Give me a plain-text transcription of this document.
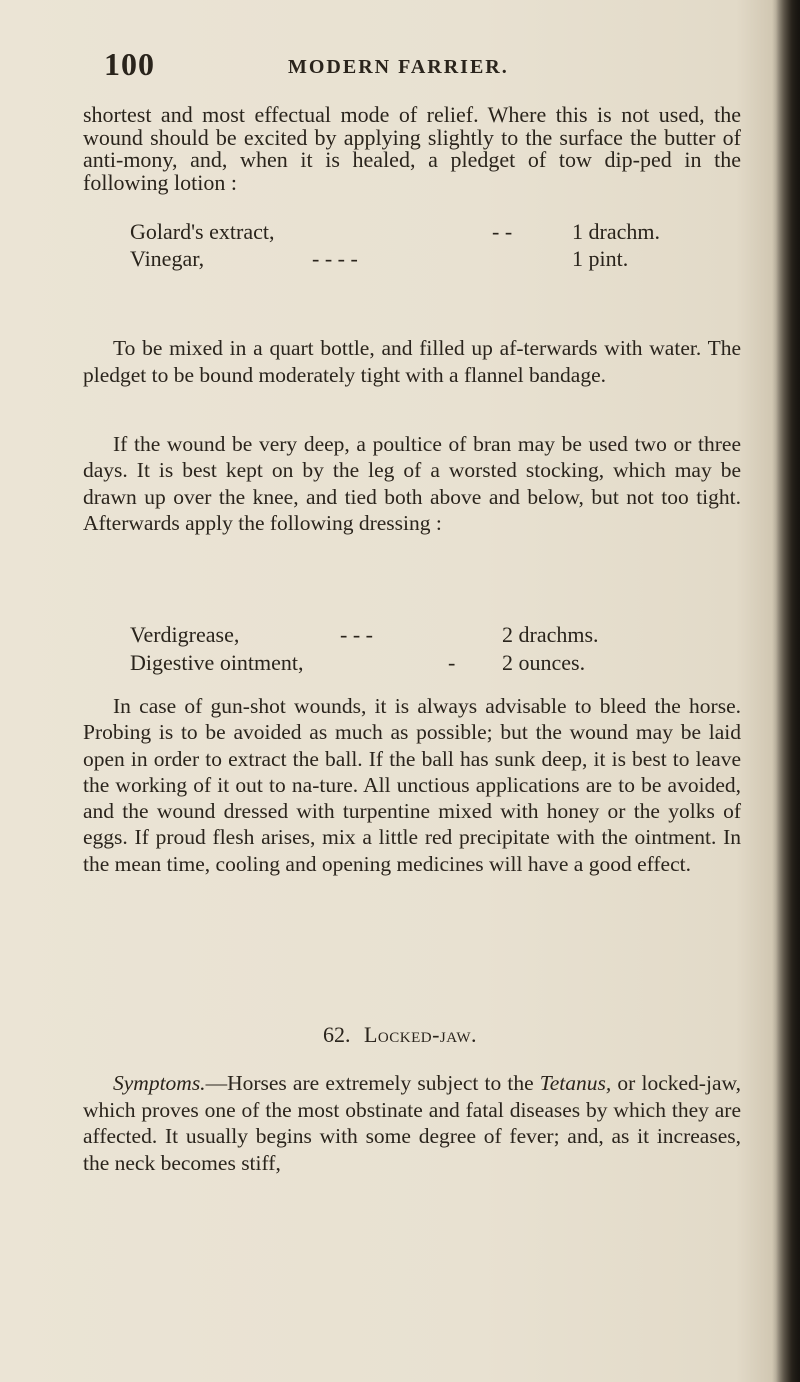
100	MODERN FARRIER.

shortest and most effectual mode of relief. Where this is not used, the wound should be excited by applying slightly to the surface the butter of anti-mony, and, when it is healed, a pledget of tow dip-ped in the following lotion :

Golard's extract,	- -	1 drachm.
Vinegar,	- - - -	1 pint.

To be mixed in a quart bottle, and filled up af-terwards with water. The pledget to be bound moderately tight with a flannel bandage.

If the wound be very deep, a poultice of bran may be used two or three days. It is best kept on by the leg of a worsted stocking, which may be drawn up over the knee, and tied both above and below, but not too tight. Afterwards apply the following dressing :

Verdigrease,	- - -	2 drachms.
Digestive ointment,	- 2 ounces.

In case of gun-shot wounds, it is always advisable to bleed the horse. Probing is to be avoided as much as possible; but the wound may be laid open in order to extract the ball. If the ball has sunk deep, it is best to leave the working of it out to na-ture. All unctious applications are to be avoided, and the wound dressed with turpentine mixed with honey or the yolks of eggs. If proud flesh arises, mix a little red precipitate with the ointment. In the mean time, cooling and opening medicines will have a good effect.

62. Locked-jaw.

Symptoms.—Horses are extremely subject to the Tetanus, or locked-jaw, which proves one of the most obstinate and fatal diseases by which they are affected. It usually begins with some degree of fever; and, as it increases, the neck becomes stiff,
